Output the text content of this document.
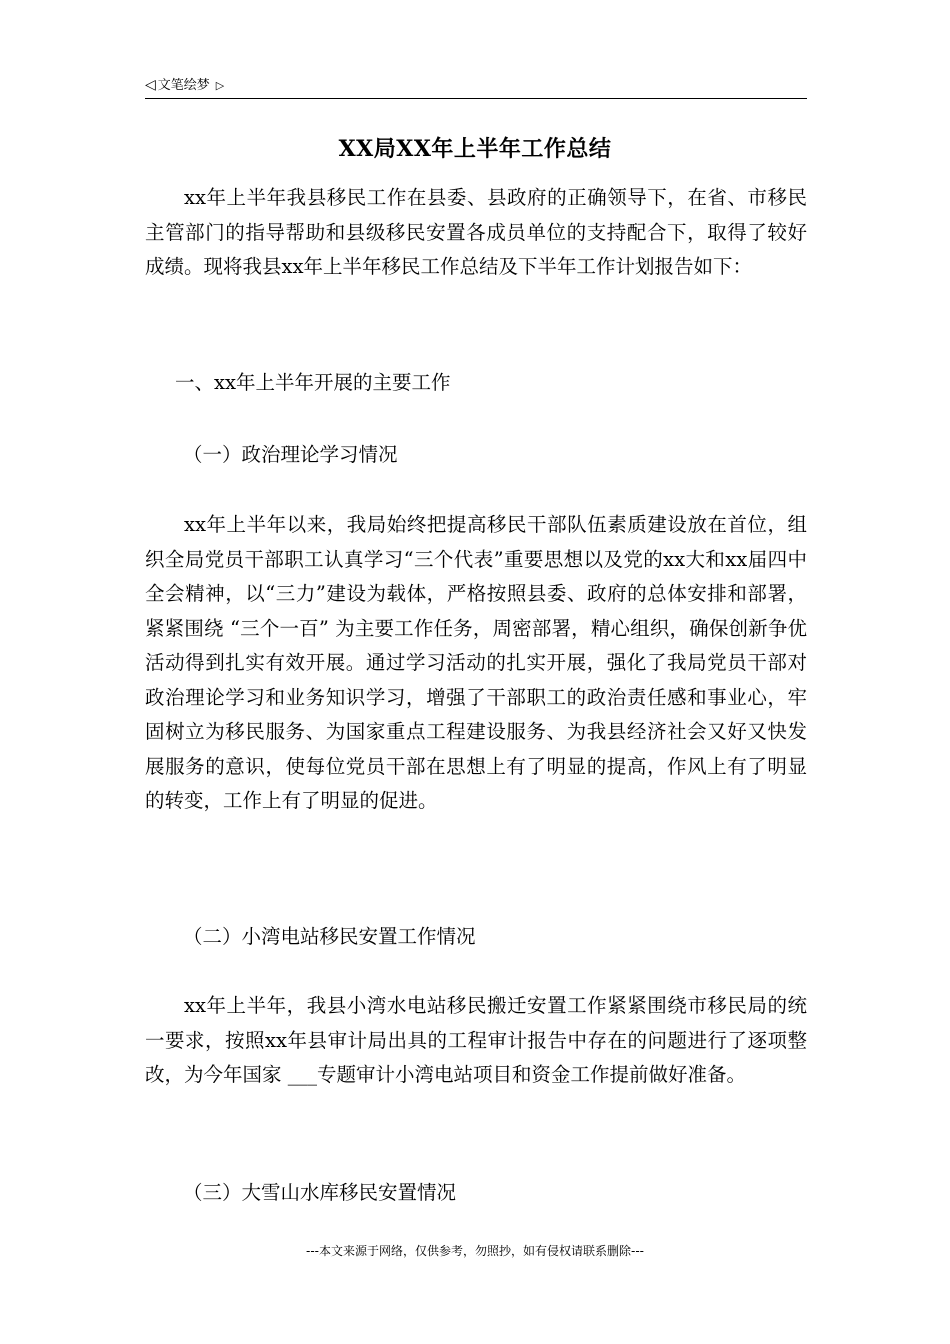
◁ 文笔绘梦 ▷
XX局XX年上半年工作总结

xx年上半年我县移民工作在县委、县政府的正确领导下，在省、市移民主管部门的指导帮助和县级移民安置各成员单位的支持配合下，取得了较好成绩。现将我县xx年上半年移民工作总结及下半年工作计划报告如下：

一、xx年上半年开展的主要工作

（一）政治理论学习情况

xx年上半年以来，我局始终把提高移民干部队伍素质建设放在首位，组织全局党员干部职工认真学习“三个代表”重要思想以及党的xx大和xx届四中全会精神，以“三力”建设为载体，严格按照县委、政府的总体安排和部署，紧紧围绕 “三个一百” 为主要工作任务，周密部署，精心组织，确保创新争优活动得到扎实有效开展。通过学习活动的扎实开展，强化了我局党员干部对政治理论学习和业务知识学习，增强了干部职工的政治责任感和事业心，牢固树立为移民服务、为国家重点工程建设服务、为我县经济社会又好又快发展服务的意识，使每位党员干部在思想上有了明显的提高，作风上有了明显的转变，工作上有了明显的促进。

（二）小湾电站移民安置工作情况

xx年上半年，我县小湾水电站移民搬迁安置工作紧紧围绕市移民局的统一要求，按照xx年县审计局出具的工程审计报告中存在的问题进行了逐项整改，为今年国家 ___专题审计小湾电站项目和资金工作提前做好准备。

（三）大雪山水库移民安置情况

---本文来源于网络，仅供参考，勿照抄，如有侵权请联系删除---
